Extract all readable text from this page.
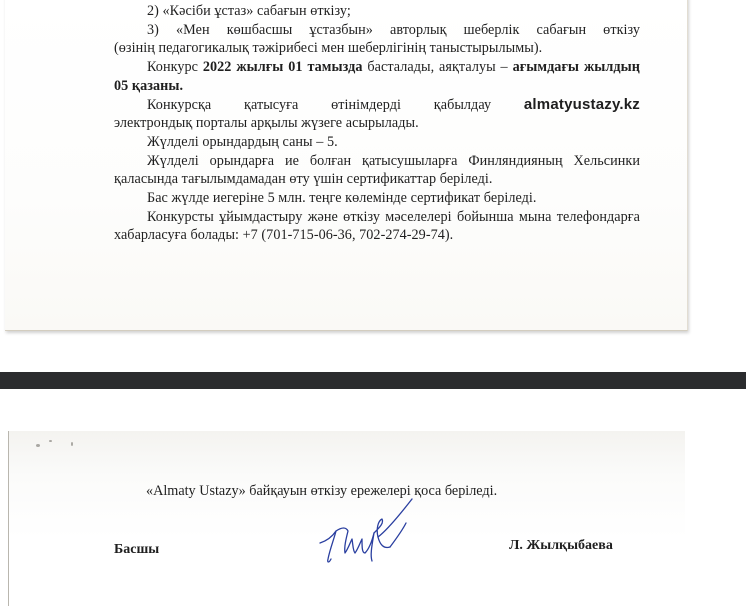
2) «Кәсіби ұстаз» сабағын өткізу;

3) «Мен көшбасшы ұстазбын» авторлық шеберлік сабағын өткізу

(өзінің педагогикалық тәжірибесі мен шеберлігінің таныстырылымы).

Конкурс 2022 жылғы 01 тамызда басталады, аяқталуы – ағымдағы жылдың 05 қазаны.

Конкурсқа қатысуға өтінімдерді қабылдау almatyustazy.kz

электрондық порталы арқылы жүзеге асырылады.

Жүлделі орындардың саны – 5.

Жүлделі орындарға ие болған қатысушыларға Финляндияның Хельсинки қаласында тағылымдамадан өту үшін сертификаттар беріледі.

Бас жүлде иегеріне 5 млн. теңге көлемінде сертификат беріледі.

Конкурсты ұйымдастыру және өткізу мәселелері бойынша мына телефондарға хабарласуға болады: +7 (701-715-06-36, 702-274-29-74).

«Almaty Ustazy» байқауын өткізу ережелері қоса беріледі.
Басшы	Л. Жылқыбаева
